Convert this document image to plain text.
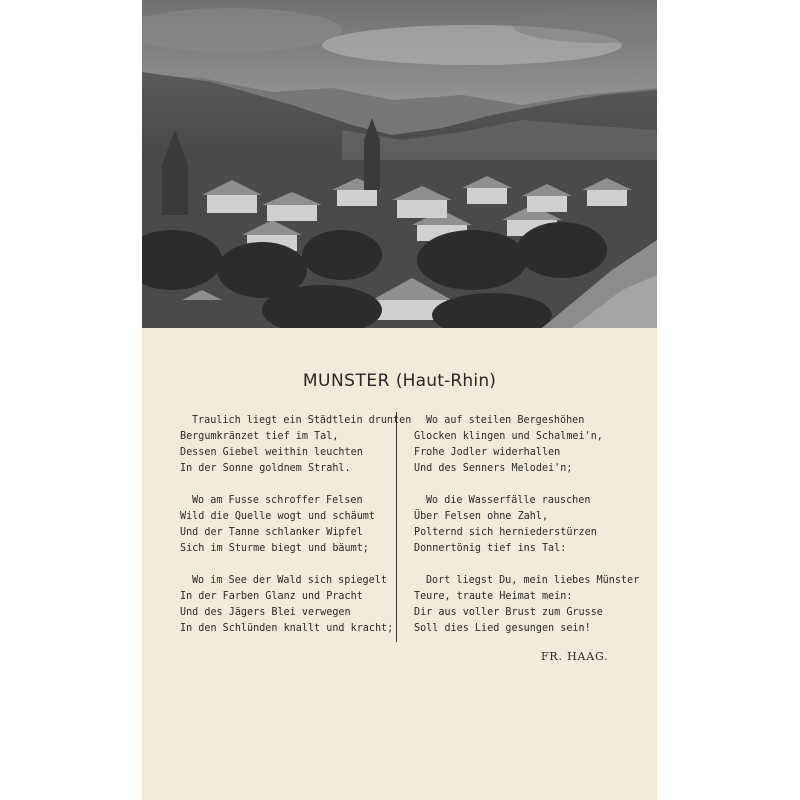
MUNSTER (Haut-Rhin)
Traulich liegt ein Städtlein drunten
Bergumkränzet tief im Tal,
Dessen Giebel weithin leuchten
In der Sonne goldnem Strahl.
Wo am Fusse schroffer Felsen
Wild die Quelle wogt und schäumt
Und der Tanne schlanker Wipfel
Sich im Sturme biegt und bäumt;
Wo im See der Wald sich spiegelt
In der Farben Glanz und Pracht
Und des Jägers Blei verwegen
In den Schlünden knallt und kracht;
Wo auf steilen Bergeshöhen
Glocken klingen und Schalmei'n,
Frohe Jodler widerhallen
Und des Senners Melodei'n;
Wo die Wasserfälle rauschen
Über Felsen ohne Zahl,
Polternd sich herniederstürzen
Donnertönig tief ins Tal:
Dort liegst Du, mein liebes Münster
Teure, traute Heimat mein:
Dir aus voller Brust zum Grusse
Soll dies Lied gesungen sein!
FR. HAAG.
